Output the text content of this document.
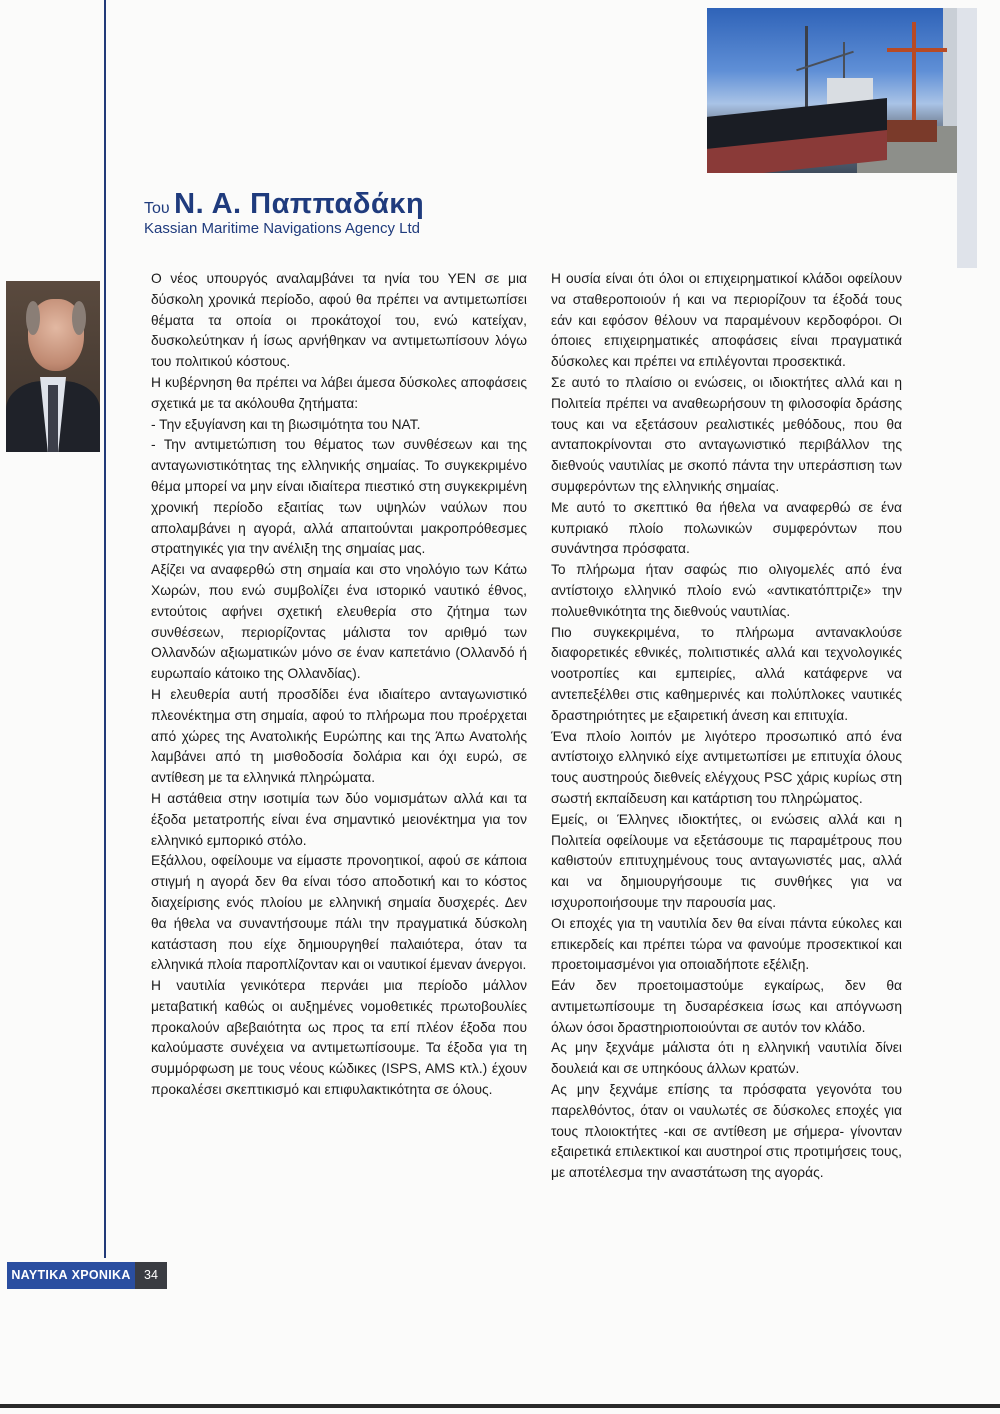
Του Ν. Α. Παππαδάκη
Kassian Maritime Navigations Agency Ltd

Ο νέος υπουργός αναλαμβάνει τα ηνία του ΥΕΝ σε μια δύσκολη χρονικά περίοδο, αφού θα πρέπει να αντιμετωπίσει θέματα τα οποία οι προκάτοχοί του, ενώ κατείχαν, δυσκολεύτηκαν ή ίσως αρνήθηκαν να αντιμετωπίσουν λόγω του πολιτικού κόστους.

Η κυβέρνηση θα πρέπει να λάβει άμεσα δύσκολες αποφάσεις σχετικά με τα ακόλουθα ζητήματα:

- Την εξυγίανση και τη βιωσιμότητα του ΝΑΤ.

- Την αντιμετώπιση του θέματος των συνθέσεων και της ανταγωνιστικότητας της ελληνικής σημαίας. Το συγκεκριμένο θέμα μπορεί να μην είναι ιδιαίτερα πιεστικό στη συγκεκριμένη χρονική περίοδο εξαιτίας των υψηλών ναύλων που απολαμβάνει η αγορά, αλλά απαιτούνται μακροπρόθεσμες στρατηγικές για την ανέλιξη της σημαίας μας.

Αξίζει να αναφερθώ στη σημαία και στο νηολόγιο των Κάτω Χωρών, που ενώ συμβολίζει ένα ιστορικό ναυτικό έθνος, εντούτοις αφήνει σχετική ελευθερία στο ζήτημα των συνθέσεων, περιορίζοντας μάλιστα τον αριθμό των Ολλανδών αξιωματικών μόνο σε έναν καπετάνιο (Ολλανδό ή ευρωπαίο κάτοικο της Ολλανδίας).

Η ελευθερία αυτή προσδίδει ένα ιδιαίτερο ανταγωνιστικό πλεονέκτημα στη σημαία, αφού το πλήρωμα που προέρχεται από χώρες της Ανατολικής Ευρώπης και της Άπω Ανατολής λαμβάνει από τη μισθοδοσία δολάρια και όχι ευρώ, σε αντίθεση με τα ελληνικά πληρώματα.

Η αστάθεια στην ισοτιμία των δύο νομισμάτων αλλά και τα έξοδα μετατροπής είναι ένα σημαντικό μειονέκτημα για τον ελληνικό εμπορικό στόλο.

Εξάλλου, οφείλουμε να είμαστε προνοητικοί, αφού σε κάποια στιγμή η αγορά δεν θα είναι τόσο αποδοτική και το κόστος διαχείρισης ενός πλοίου με ελληνική σημαία δυσχερές. Δεν θα ήθελα να συναντήσουμε πάλι την πραγματικά δύσκολη κατάσταση που είχε δημιουργηθεί παλαιότερα, όταν τα ελληνικά πλοία παροπλίζονταν και οι ναυτικοί έμεναν άνεργοι.

Η ναυτιλία γενικότερα περνάει μια περίοδο μάλλον μεταβατική καθώς οι αυξημένες νομοθετικές πρωτοβουλίες προκαλούν αβεβαιότητα ως προς τα επί πλέον έξοδα που καλούμαστε συνέχεια να αντιμετωπίσουμε. Τα έξοδα για τη συμμόρφωση με τους νέους κώδικες (ISPS, AMS κτλ.) έχουν προκαλέσει σκεπτικισμό και επιφυλακτικότητα σε όλους.

Η ουσία είναι ότι όλοι οι επιχειρηματικοί κλάδοι οφείλουν να σταθεροποιούν ή και να περιορίζουν τα έξοδά τους εάν και εφόσον θέλουν να παραμένουν κερδοφόροι. Οι όποιες επιχειρηματικές αποφάσεις είναι πραγματικά δύσκολες και πρέπει να επιλέγονται προσεκτικά.

Σε αυτό το πλαίσιο οι ενώσεις, οι ιδιοκτήτες αλλά και η Πολιτεία πρέπει να αναθεωρήσουν τη φιλοσοφία δράσης τους και να εξετάσουν ρεαλιστικές μεθόδους, που θα ανταποκρίνονται στο ανταγωνιστικό περιβάλλον της διεθνούς ναυτιλίας με σκοπό πάντα την υπεράσπιση των συμφερόντων της ελληνικής σημαίας.

Με αυτό το σκεπτικό θα ήθελα να αναφερθώ σε ένα κυπριακό πλοίο πολωνικών συμφερόντων που συνάντησα πρόσφατα.

Το πλήρωμα ήταν σαφώς πιο ολιγομελές από ένα αντίστοιχο ελληνικό πλοίο ενώ «αντικατόπτριζε» την πολυεθνικότητα της διεθνούς ναυτιλίας.

Πιο συγκεκριμένα, το πλήρωμα αντανακλούσε διαφορετικές εθνικές, πολιτιστικές αλλά και τεχνολογικές νοοτροπίες και εμπειρίες, αλλά κατάφερνε να αντεπεξέλθει στις καθημερινές και πολύπλοκες ναυτικές δραστηριότητες με εξαιρετική άνεση και επιτυχία.

Ένα πλοίο λοιπόν με λιγότερο προσωπικό από ένα αντίστοιχο ελληνικό είχε αντιμετωπίσει με επιτυχία όλους τους αυστηρούς διεθνείς ελέγχους PSC χάρις κυρίως στη σωστή εκπαίδευση και κατάρτιση του πληρώματος.

Εμείς, οι Έλληνες ιδιοκτήτες, οι ενώσεις αλλά και η Πολιτεία οφείλουμε να εξετάσουμε τις παραμέτρους που καθιστούν επιτυχημένους τους ανταγωνιστές μας, αλλά και να δημιουργήσουμε τις συνθήκες για να ισχυροποιήσουμε την παρουσία μας.

Οι εποχές για τη ναυτιλία δεν θα είναι πάντα εύκολες και επικερδείς και πρέπει τώρα να φανούμε προσεκτικοί και προετοιμασμένοι για οποιαδήποτε εξέλιξη.

Εάν δεν προετοιμαστούμε εγκαίρως, δεν θα αντιμετωπίσουμε τη δυσαρέσκεια ίσως και απόγνωση όλων όσοι δραστηριοποιούνται σε αυτόν τον κλάδο.

Ας μην ξεχνάμε μάλιστα ότι η ελληνική ναυτιλία δίνει δουλειά και σε υπηκόους άλλων κρατών.

Ας μην ξεχνάμε επίσης τα πρόσφατα γεγονότα του παρελθόντος, όταν οι ναυλωτές σε δύσκολες εποχές για τους πλοιοκτήτες -και σε αντίθεση με σήμερα- γίνονταν εξαιρετικά επιλεκτικοί και αυστηροί στις προτιμήσεις τους, με αποτέλεσμα την αναστάτωση της αγοράς.

ΝΑΥΤΙΚΑ ΧΡΟΝΙΚΑ	34
